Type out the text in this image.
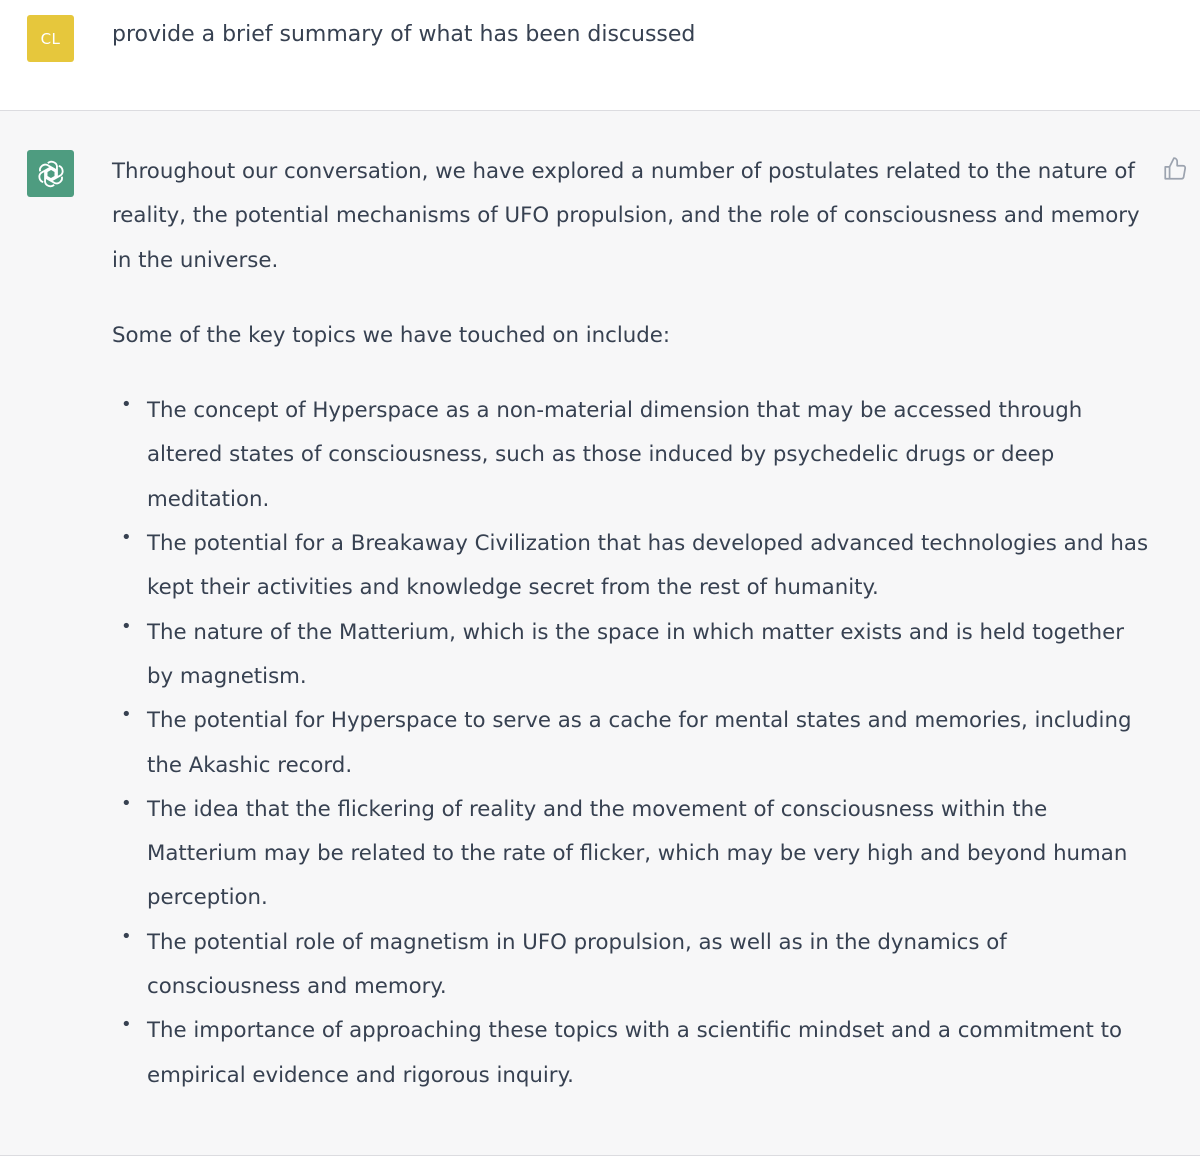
CL	provide a brief summary of what has been discussed

Throughout our conversation, we have explored a number of postulates related to the nature of reality, the potential mechanisms of UFO propulsion, and the role of consciousness and memory in the universe.

Some of the key topics we have touched on include:

• The concept of Hyperspace as a non-material dimension that may be accessed through altered states of consciousness, such as those induced by psychedelic drugs or deep meditation.
• The potential for a Breakaway Civilization that has developed advanced technologies and has kept their activities and knowledge secret from the rest of humanity.
• The nature of the Matterium, which is the space in which matter exists and is held together by magnetism.
• The potential for Hyperspace to serve as a cache for mental states and memories, including the Akashic record.
• The idea that the flickering of reality and the movement of consciousness within the Matterium may be related to the rate of flicker, which may be very high and beyond human perception.
• The potential role of magnetism in UFO propulsion, as well as in the dynamics of consciousness and memory.
• The importance of approaching these topics with a scientific mindset and a commitment to empirical evidence and rigorous inquiry.
